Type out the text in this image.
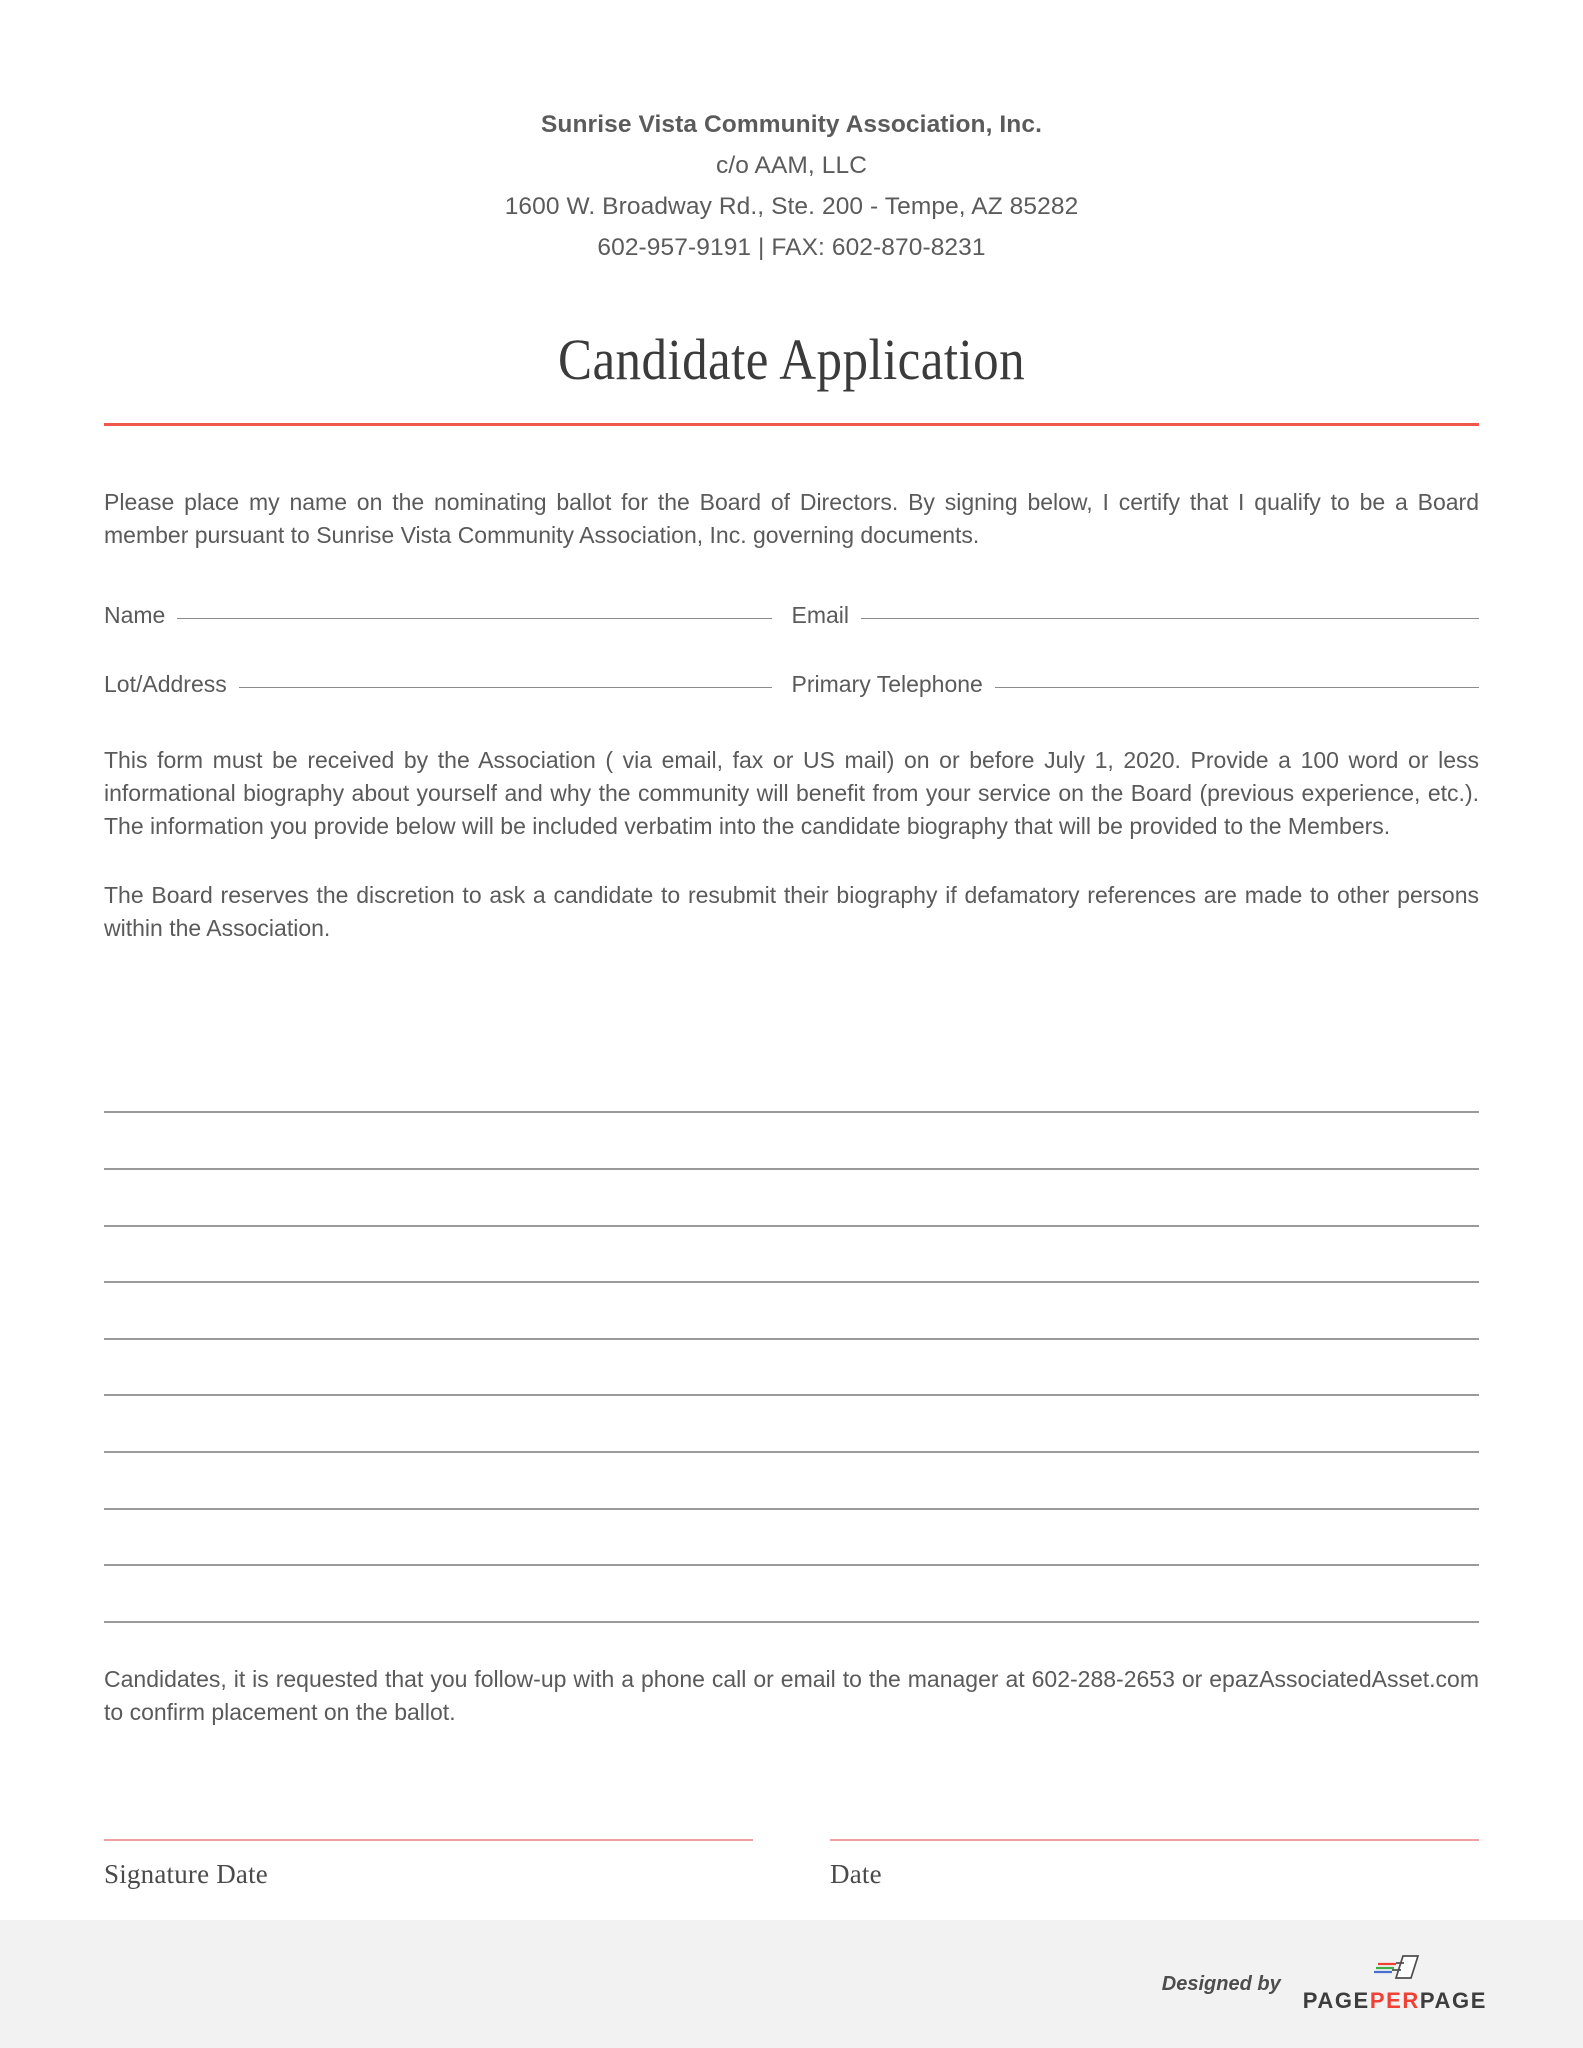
Sunrise Vista Community Association, Inc.
c/o AAM, LLC
1600 W. Broadway Rd., Ste. 200 - Tempe, AZ 85282
602-957-9191 | FAX: 602-870-8231
Candidate Application

Please place my name on the nominating ballot for the Board of Directors. By signing below, I certify that I qualify to be a Board member pursuant to Sunrise Vista Community Association, Inc. governing documents.

Name	Email
Lot/Address	Primary Telephone

This form must be received by the Association ( via email, fax or US mail) on or before July 1, 2020. Provide a 100 word or less informational biography about yourself and why the community will benefit from your service on the Board (previous experience, etc.). The information you provide below will be included verbatim into the candidate biography that will be provided to the Members.

The Board reserves the discretion to ask a candidate to resubmit their biography if defamatory references are made to other persons within the Association.

Candidates, it is requested that you follow-up with a phone call or email to the manager at 602-288-2653 or epazAssociatedAsset.com to confirm placement on the ballot.

Signature Date	Date
Designed by
PAGEPERPAGE
